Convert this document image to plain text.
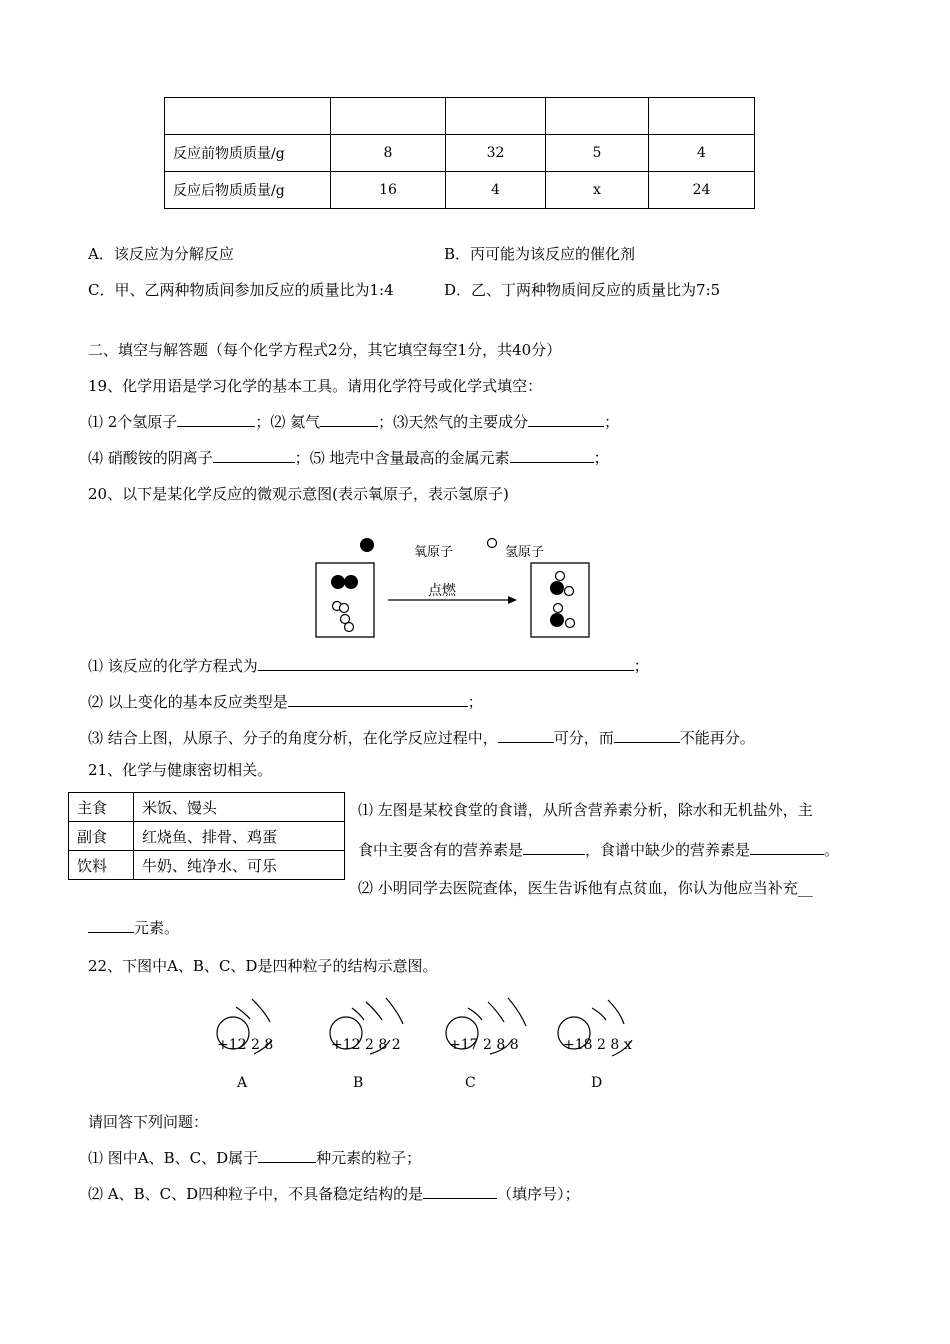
反应前物质质量/g	8	32	5	4
反应后物质质量/g	16	4	x	24
A．该反应为分解反应	B．丙可能为该反应的催化剂
C．甲、乙两种物质间参加反应的质量比为1:4	D．乙、丁两种物质间反应的质量比为7:5
二、填空与解答题（每个化学方程式2分，其它填空每空1分，共40分）
19、化学用语是学习化学的基本工具。请用化学符号或化学式填空：
⑴ 2个氢原子	；⑵ 氦气	；⑶天然气的主要成分	；
⑷ 硝酸铵的阴离子	；⑸ 地壳中含量最高的金属元素	；
20、以下是某化学反应的微观示意图(表示氧原子，表示氢原子)
氧原子	氢原子
点燃
⑴ 该反应的化学方程式为	；
⑵ 以上变化的基本反应类型是	；
⑶ 结合上图，从原子、分子的角度分析，在化学反应过程中，	可分，而	不能再分。
21、化学与健康密切相关。
主食	米饭、馒头
副食	红烧鱼、排骨、鸡蛋
饮料	牛奶、纯净水、可乐
⑴ 左图是某校食堂的食谱，从所含营养素分析，除水和无机盐外，主
食中主要含有的营养素是	，食谱中缺少的营养素是	。
⑵ 小明同学去医院查体，医生告诉他有点贫血，你认为他应当补充__
元素。
22、下图中A、B、C、D是四种粒子的结构示意图。
+12 2 8
A
+12 2 8 2
B
+17 2 8 8
C
+18 2 8 x
D
请回答下列问题：
⑴ 图中A、B、C、D属于	种元素的粒子；
⑵ A、B、C、D四种粒子中，不具备稳定结构的是	（填序号）；
